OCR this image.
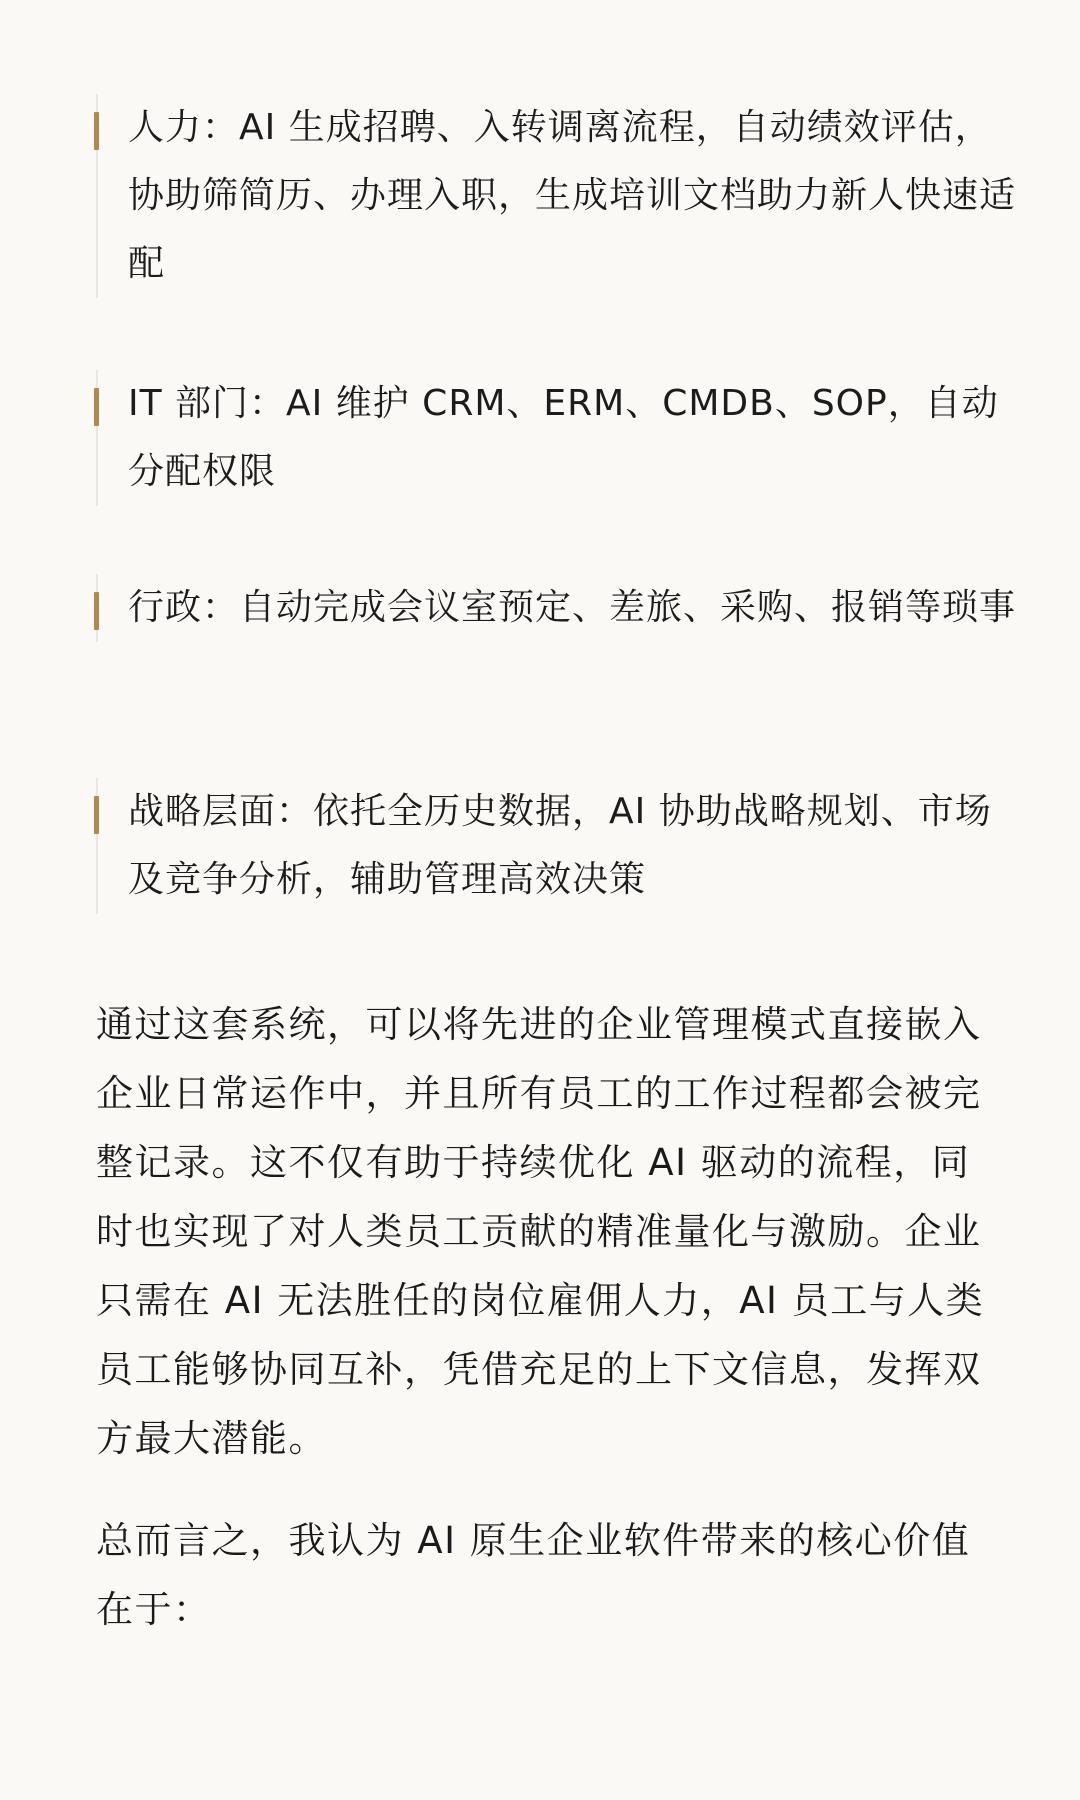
人力：AI 生成招聘、入转调离流程，自动绩效评估，协助筛简历、办理入职，生成培训文档助力新人快速适配
IT 部门：AI 维护 CRM、ERM、CMDB、SOP，自动分配权限
行政：自动完成会议室预定、差旅、采购、报销等琐事
战略层面：依托全历史数据，AI 协助战略规划、市场及竞争分析，辅助管理高效决策

通过这套系统，可以将先进的企业管理模式直接嵌入企业日常运作中，并且所有员工的工作过程都会被完整记录。这不仅有助于持续优化 AI 驱动的流程，同时也实现了对人类员工贡献的精准量化与激励。企业只需在 AI 无法胜任的岗位雇佣人力，AI 员工与人类员工能够协同互补，凭借充足的上下文信息，发挥双方最大潜能。

总而言之，我认为 AI 原生企业软件带来的核心价值在于：
